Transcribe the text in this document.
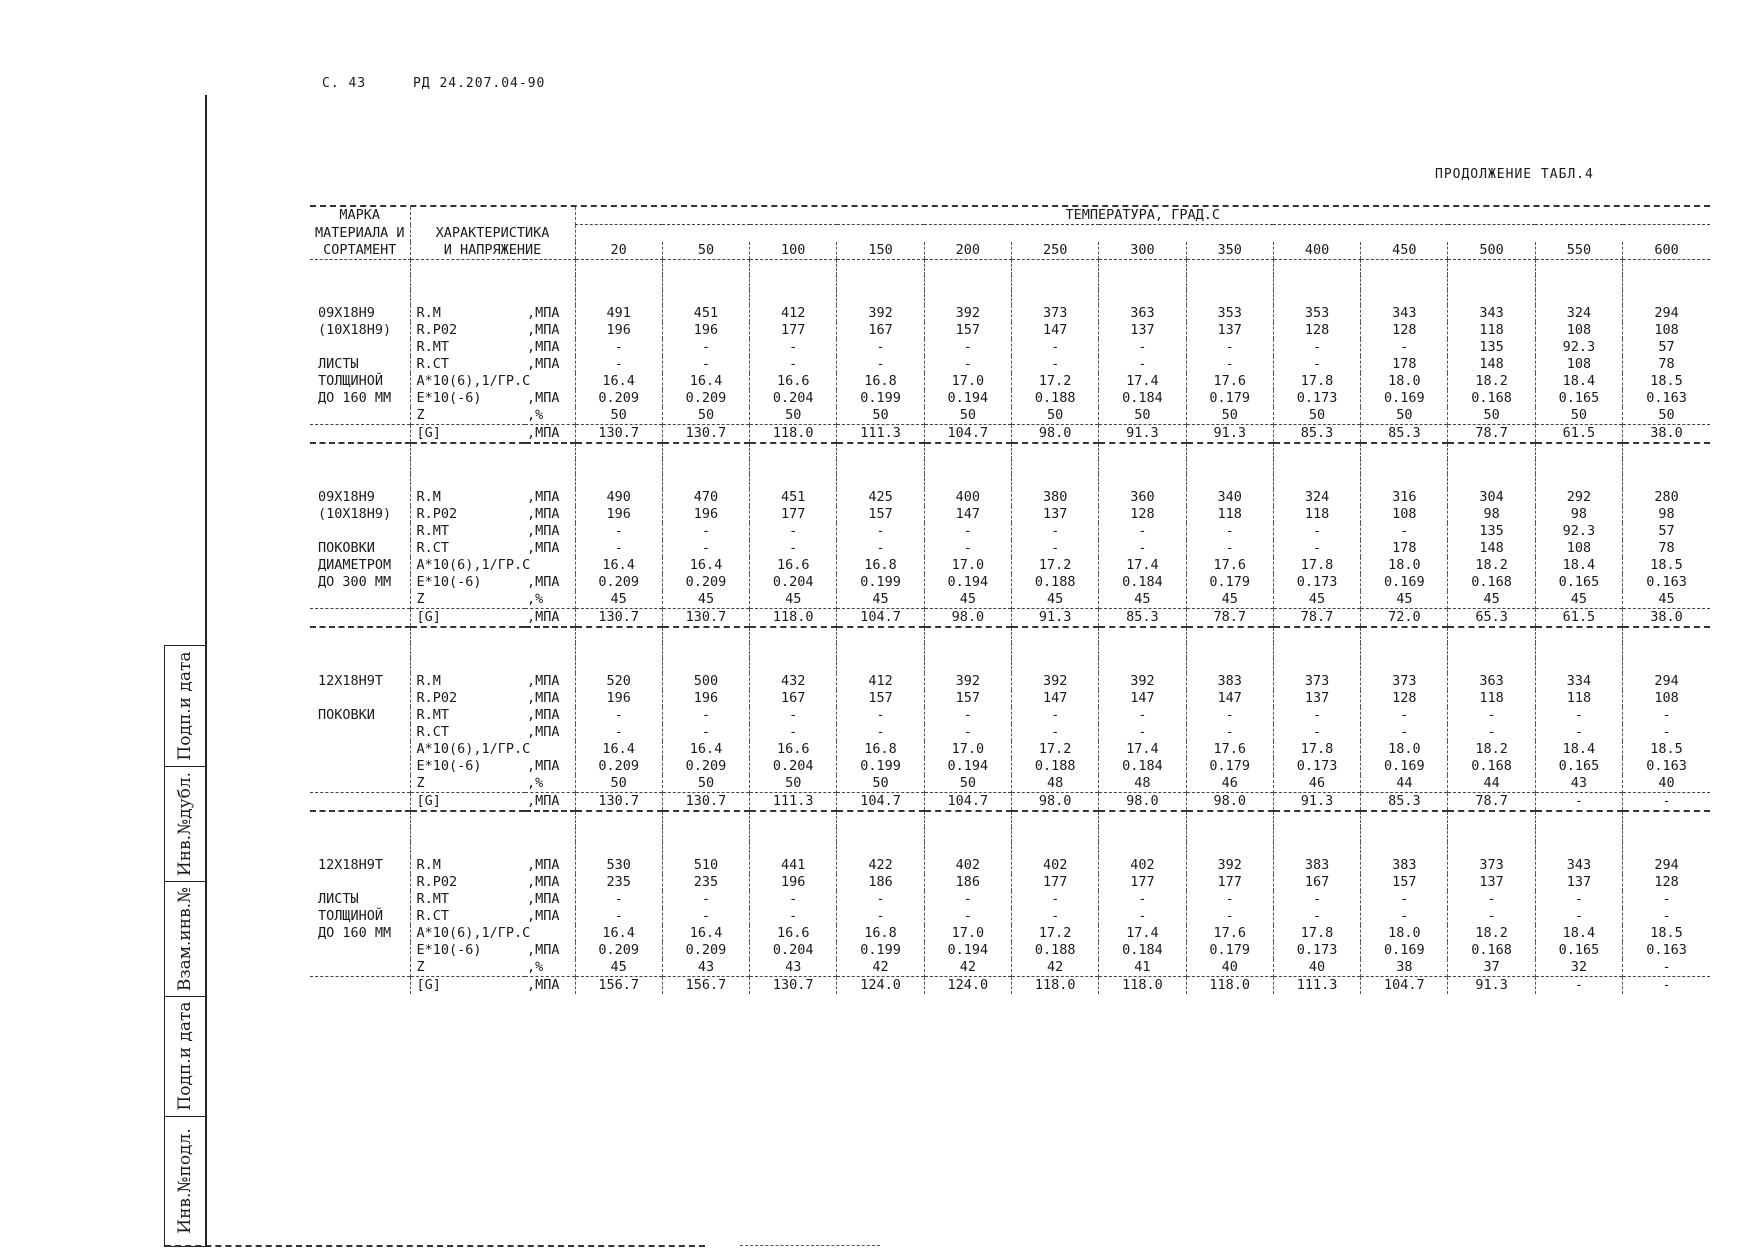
С. 43	РД 24.207.04-90
ПРОДОЛЖЕНИЕ ТАБЛ.4
МАРКА			ТЕМПЕРАТУРА, ГРАД.С												
МАТЕРИАЛА И	ХАРАКТЕРИСТИКА														
СОРТАМЕНТ	И НАПРЯЖЕНИЕ		20	50	100	150	200	250	300	350	400	450	500	550	600

09Х18Н9	R.M	,МПА	491	451	412	392	392	373	363	353	353	343	343	324	294
(10Х18Н9)	R.P02	,МПА	196	196	177	167	157	147	137	137	128	128	118	108	108
	R.MT	,МПА	-	-	-	-	-	-	-	-	-	-	135	92.3	57
ЛИСТЫ	R.CT	,МПА	-	-	-	-	-	-	-	-	-	178	148	108	78
ТОЛЩИНОЙ	A*10(6),1/ГР.С		16.4	16.4	16.6	16.8	17.0	17.2	17.4	17.6	17.8	18.0	18.2	18.4	18.5
ДО 160 ММ	E*10(-6)	,МПА	0.209	0.209	0.204	0.199	0.194	0.188	0.184	0.179	0.173	0.169	0.168	0.165	0.163
	Z	,%	50	50	50	50	50	50	50	50	50	50	50	50	50
	[G]	,МПА	130.7	130.7	118.0	111.3	104.7	98.0	91.3	91.3	85.3	85.3	78.7	61.5	38.0

09Х18Н9	R.M	,МПА	490	470	451	425	400	380	360	340	324	316	304	292	280
(10Х18Н9)	R.P02	,МПА	196	196	177	157	147	137	128	118	118	108	98	98	98
	R.MT	,МПА	-	-	-	-	-	-	-	-	-	-	135	92.3	57
ПОКОВКИ	R.CT	,МПА	-	-	-	-	-	-	-	-	-	178	148	108	78
ДИАМЕТРОМ	A*10(6),1/ГР.С		16.4	16.4	16.6	16.8	17.0	17.2	17.4	17.6	17.8	18.0	18.2	18.4	18.5
ДО 300 ММ	E*10(-6)	,МПА	0.209	0.209	0.204	0.199	0.194	0.188	0.184	0.179	0.173	0.169	0.168	0.165	0.163
	Z	,%	45	45	45	45	45	45	45	45	45	45	45	45	45
	[G]	,МПА	130.7	130.7	118.0	104.7	98.0	91.3	85.3	78.7	78.7	72.0	65.3	61.5	38.0

12Х18Н9Т	R.M	,МПА	520	500	432	412	392	392	392	383	373	373	363	334	294
	R.P02	,МПА	196	196	167	157	157	147	147	147	137	128	118	118	108
ПОКОВКИ	R.MT	,МПА	-	-	-	-	-	-	-	-	-	-	-	-	-
	R.CT	,МПА	-	-	-	-	-	-	-	-	-	-	-	-	-
	A*10(6),1/ГР.С		16.4	16.4	16.6	16.8	17.0	17.2	17.4	17.6	17.8	18.0	18.2	18.4	18.5
	E*10(-6)	,МПА	0.209	0.209	0.204	0.199	0.194	0.188	0.184	0.179	0.173	0.169	0.168	0.165	0.163
	Z	,%	50	50	50	50	50	48	48	46	46	44	44	43	40
	[G]	,МПА	130.7	130.7	111.3	104.7	104.7	98.0	98.0	98.0	91.3	85.3	78.7	-	-

12Х18Н9Т	R.M	,МПА	530	510	441	422	402	402	402	392	383	383	373	343	294
	R.P02	,МПА	235	235	196	186	186	177	177	177	167	157	137	137	128
ЛИСТЫ	R.MT	,МПА	-	-	-	-	-	-	-	-	-	-	-	-	-
ТОЛЩИНОЙ	R.CT	,МПА	-	-	-	-	-	-	-	-	-	-	-	-	-
ДО 160 ММ	A*10(6),1/ГР.С		16.4	16.4	16.6	16.8	17.0	17.2	17.4	17.6	17.8	18.0	18.2	18.4	18.5
	E*10(-6)	,МПА	0.209	0.209	0.204	0.199	0.194	0.188	0.184	0.179	0.173	0.169	0.168	0.165	0.163
	Z	,%	45	43	43	42	42	42	41	40	40	38	37	32	-
	[G]	,МПА	156.7	156.7	130.7	124.0	124.0	118.0	118.0	118.0	111.3	104.7	91.3	-	-
Инв.№подл.
Подп.и дата
Взам.инв.№
Инв.№дубл.
Подп.и дата
